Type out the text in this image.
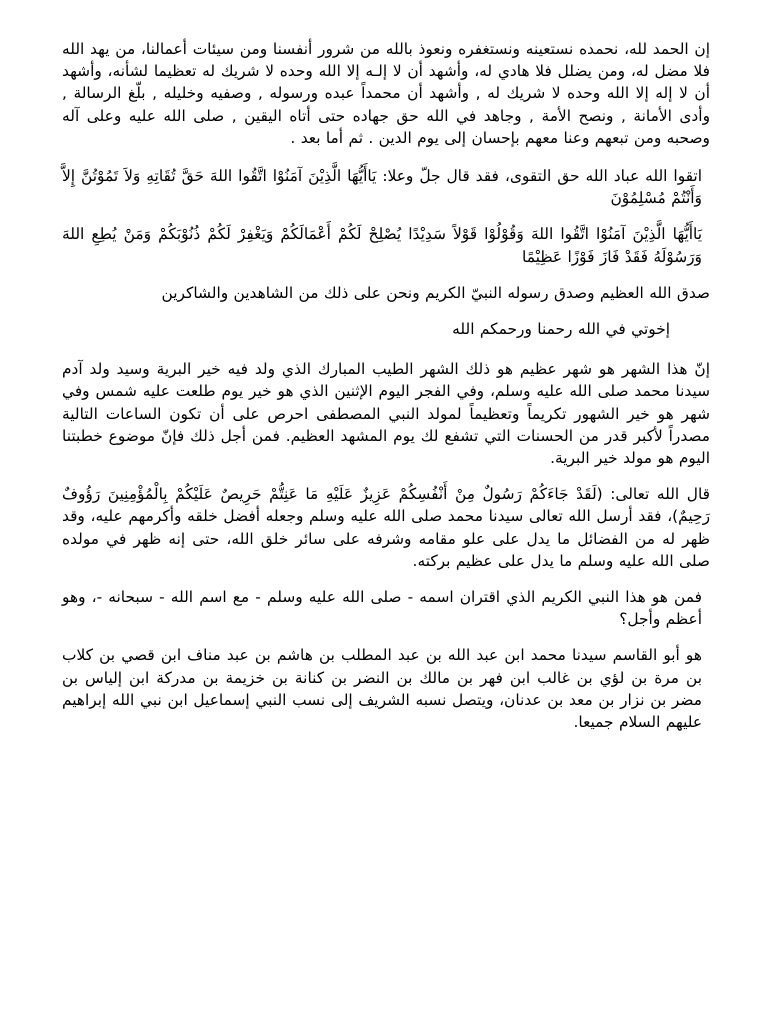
إن الحمد لله، نحمده نستعينه ونستغفره ونعوذ بالله من شرور أنفسنا ومن سيئات أعمالنا، من يهد الله فلا مضل له، ومن يضلل فلا هادي له، وأشهد أن لا إلـه إلا الله وحده لا شريك له تعظيما لشأنه، وأشهد أن لا إله إلا الله وحده لا شريك له , وأشهد أن محمداً عبده ورسوله , وصفيه وخليله , بلّغ الرسالة , وأدى الأمانة , ونصح الأمة , وجاهد في الله حق جهاده حتى أتاه اليقين , صلى الله عليه وعلى آله وصحبه ومن تبعهم وعنا معهم بإحسان إلى يوم الدين . ثم أما بعد .

اتقوا الله عباد الله حق التقوى، فقد قال جلّ وعلا: يَاأَيُّهَا الَّذِيْنَ آمَنُوْا اتَّقُوا اللهَ حَقَّ تُقَاتِهِ وَلاَ تَمُوْتُنَّ إِلاَّ وَأَنْتُمْ مُسْلِمُوْنَ

يَاأَيُّهَا الَّذِيْنَ آمَنُوْا اتَّقُوا اللهَ وَقُوْلُوْا قَوْلاً سَدِيْدًا يُصْلِحْ لَكُمْ أَعْمَالَكُمْ وَيَغْفِرْ لَكُمْ ذُنُوْبَكُمْ وَمَنْ يُطِعِ اللهَ وَرَسُوْلَهُ فَقَدْ فَازَ فَوْزًا عَظِيْمًا

صدق الله العظيم وصدق رسوله النبيّ الكريم ونحن على ذلك من الشاهدين والشاكرين

إخوتي في الله رحمنا ورحمكم الله

إنّ هذا الشهر هو شهر عظيم هو ذلك الشهر الطيب المبارك الذي ولد فيه خير البرية وسيد ولد آدم سيدنا محمد صلى الله عليه وسلم، وفي الفجر اليوم الإثنين الذي هو خير يوم طلعت عليه شمس وفي شهر هو خير الشهور تكريماً وتعظيماً لمولد النبي المصطفى احرص على أن تكون الساعات التالية مصدراً لأكبر قدر من الحسنات التي تشفع لك يوم المشهد العظيم. فمن أجل ذلك فإنّ موضوع خطبتنا اليوم هو مولد خير البرية.

قال الله تعالى: (لَقَدْ جَاءَكُمْ رَسُولٌ مِنْ أَنْفُسِكُمْ عَزِيزٌ عَلَيْهِ مَا عَنِتُّمْ حَرِيصٌ عَلَيْكُمْ بِالْمُؤْمِنِينَ رَؤُوفٌ رَحِيمٌ)، فقد أرسل الله تعالى سيدنا محمد صلى الله عليه وسلم وجعله أفضل خلقه وأكرمهم عليه، وقد ظهر له من الفضائل ما يدل على علو مقامه وشرفه على سائر خلق الله، حتى إنه ظهر في مولده صلى الله عليه وسلم ما يدل على عظيم بركته.

فمن هو هذا النبي الكريم الذي اقتران اسمه - صلى الله عليه وسلم - مع اسم الله - سبحانه -، وهو أعظم وأجل؟

هو أبو القاسم سيدنا محمد ابن عبد الله بن عبد المطلب بن هاشم بن عبد مناف ابن قصي بن كلاب بن مرة بن لؤي بن غالب ابن فهر بن مالك بن النضر بن كنانة بن خزيمة بن مدركة ابن إلياس بن مضر بن نزار بن معد بن عدنان، ويتصل نسبه الشريف إلى نسب النبي إسماعيل ابن نبي الله إبراهيم عليهم السلام جميعا.
